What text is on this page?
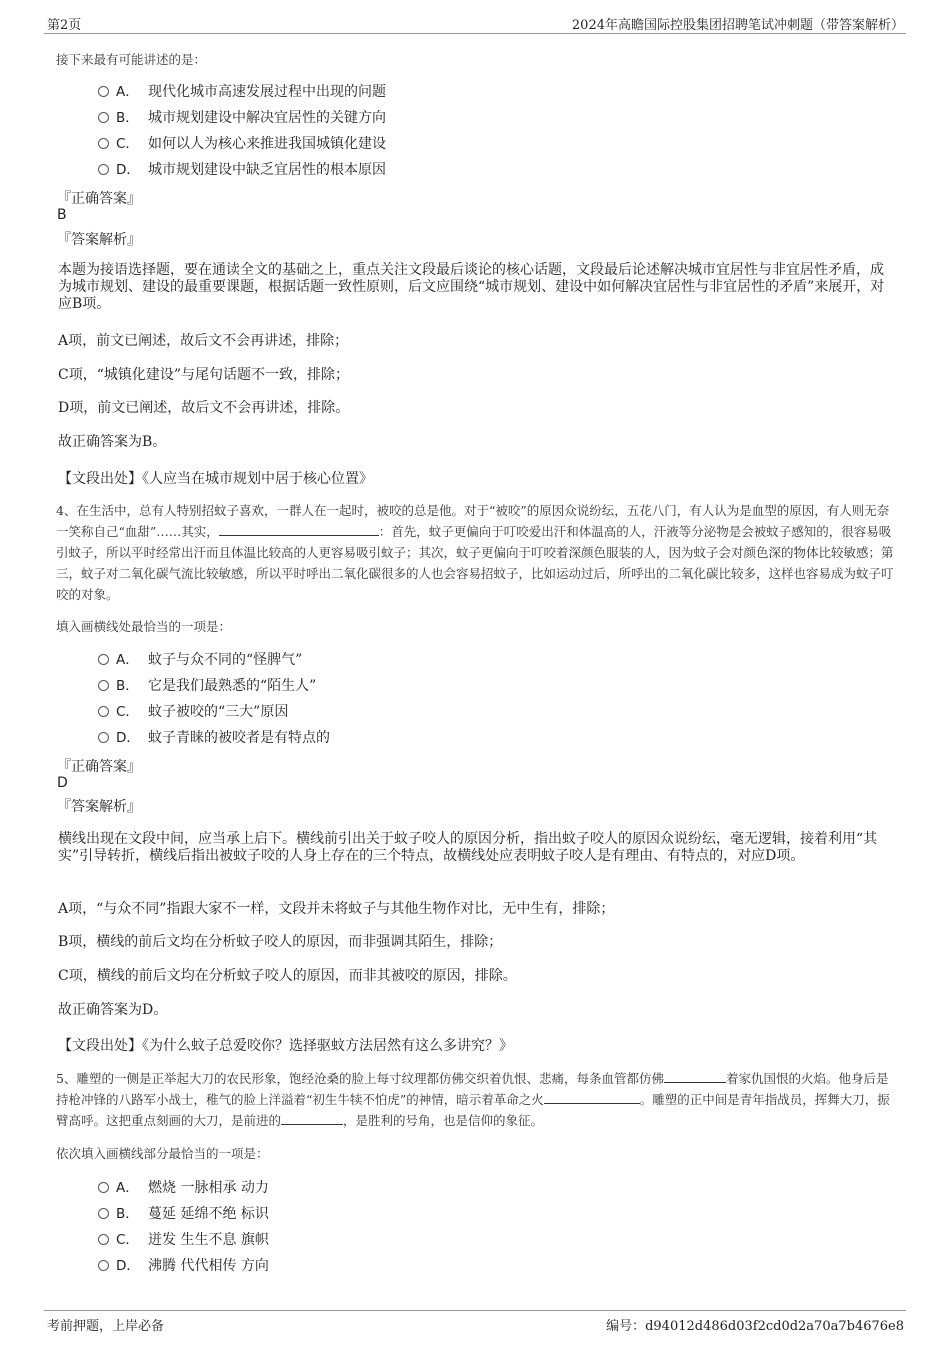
第2页	2024年高瞻国际控股集团招聘笔试冲刺题（带答案解析）
接下来最有可能讲述的是：
A． 现代化城市高速发展过程中出现的问题
B． 城市规划建设中解决宜居性的关键方向
C． 如何以人为核心来推进我国城镇化建设
D． 城市规划建设中缺乏宜居性的根本原因
『正确答案』
B
『答案解析』
本题为接语选择题，要在通读全文的基础之上，重点关注文段最后谈论的核心话题，文段最后论述解决城市宜居性与非宜居性矛盾，成为城市规划、建设的最重要课题，根据话题一致性原则，后文应围绕“城市规划、建设中如何解决宜居性与非宜居性的矛盾”来展开，对应B项。
A项，前文已阐述，故后文不会再讲述，排除；
C项，“城镇化建设”与尾句话题不一致，排除；
D项，前文已阐述，故后文不会再讲述，排除。
故正确答案为B。
【文段出处】《人应当在城市规划中居于核心位置》
4、在生活中，总有人特别招蚊子喜欢，一群人在一起时，被咬的总是他。对于“被咬”的原因众说纷纭，五花八门，有人认为是血型的原因，有人则无奈一笑称自己“血甜”……其实，	：首先，蚊子更偏向于叮咬爱出汗和体温高的人，汗液等分泌物是会被蚊子感知的，很容易吸引蚊子，所以平时经常出汗而且体温比较高的人更容易吸引蚊子；其次，蚊子更偏向于叮咬着深颜色服装的人，因为蚊子会对颜色深的物体比较敏感；第三，蚊子对二氧化碳气流比较敏感，所以平时呼出二氧化碳很多的人也会容易招蚊子，比如运动过后，所呼出的二氧化碳比较多，这样也容易成为蚊子叮咬的对象。
填入画横线处最恰当的一项是：
A． 蚊子与众不同的“怪脾气”
B． 它是我们最熟悉的“陌生人”
C． 蚊子被咬的“三大”原因
D． 蚊子青睐的被咬者是有特点的
『正确答案』
D
『答案解析』
横线出现在文段中间，应当承上启下。横线前引出关于蚊子咬人的原因分析，指出蚊子咬人的原因众说纷纭，毫无逻辑，接着利用“其实”引导转折，横线后指出被蚊子咬的人身上存在的三个特点，故横线处应表明蚊子咬人是有理由、有特点的，对应D项。
A项，“与众不同”指跟大家不一样，文段并未将蚊子与其他生物作对比，无中生有，排除；
B项，横线的前后文均在分析蚊子咬人的原因，而非强调其陌生，排除；
C项，横线的前后文均在分析蚊子咬人的原因，而非其被咬的原因，排除。
故正确答案为D。
【文段出处】《为什么蚊子总爱咬你？选择驱蚊方法居然有这么多讲究？》
5、雕塑的一侧是正举起大刀的农民形象，饱经沧桑的脸上每寸纹理都仿佛交织着仇恨、悲痛，每条血管都仿佛	着家仇国恨的火焰。他身后是持枪冲锋的八路军小战士，稚气的脸上洋溢着“初生牛犊不怕虎”的神情，暗示着革命之火	。雕塑的正中间是青年指战员，挥舞大刀，振臂高呼。这把重点刻画的大刀，是前进的	，是胜利的号角，也是信仰的象征。
依次填入画横线部分最恰当的一项是：
A． 燃烧 一脉相承 动力
B． 蔓延 延绵不绝 标识
C． 迸发 生生不息 旗帜
D． 沸腾 代代相传 方向
考前押题，上岸必备	编号：d94012d486d03f2cd0d2a70a7b4676e8
